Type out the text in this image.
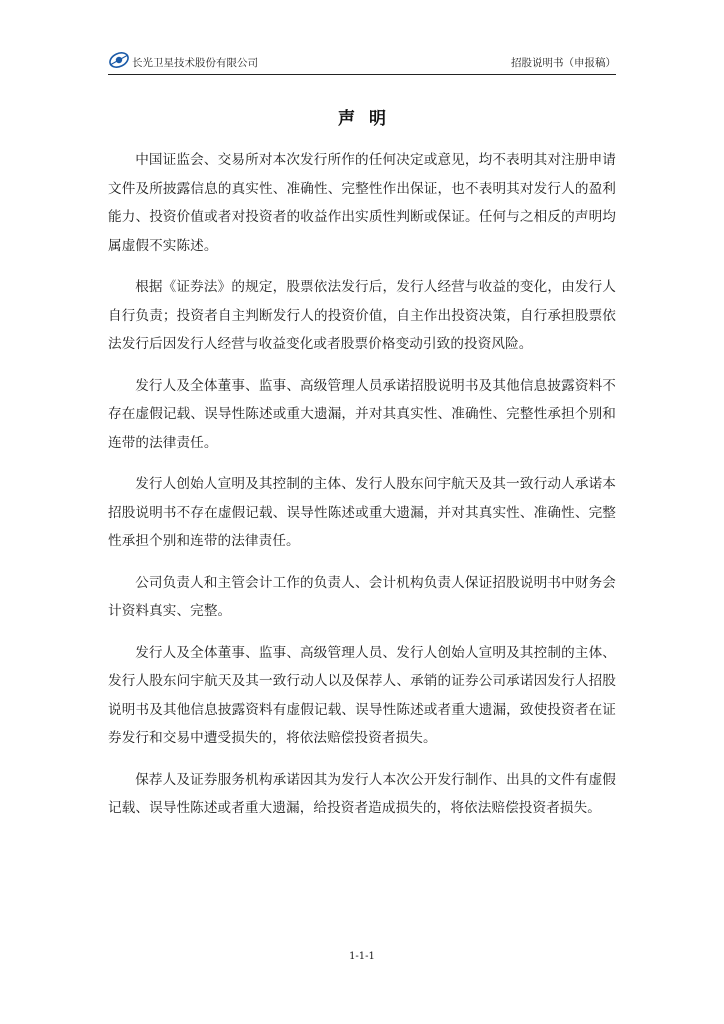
长光卫星技术股份有限公司	招股说明书（申报稿）
声明

中国证监会、交易所对本次发行所作的任何决定或意见，均不表明其对注册申请文件及所披露信息的真实性、准确性、完整性作出保证，也不表明其对发行人的盈利能力、投资价值或者对投资者的收益作出实质性判断或保证。任何与之相反的声明均属虚假不实陈述。

根据《证券法》的规定，股票依法发行后，发行人经营与收益的变化，由发行人自行负责；投资者自主判断发行人的投资价值，自主作出投资决策，自行承担股票依法发行后因发行人经营与收益变化或者股票价格变动引致的投资风险。

发行人及全体董事、监事、高级管理人员承诺招股说明书及其他信息披露资料不存在虚假记载、误导性陈述或重大遗漏，并对其真实性、准确性、完整性承担个别和连带的法律责任。

发行人创始人宣明及其控制的主体、发行人股东问宇航天及其一致行动人承诺本招股说明书不存在虚假记载、误导性陈述或重大遗漏，并对其真实性、准确性、完整性承担个别和连带的法律责任。

公司负责人和主管会计工作的负责人、会计机构负责人保证招股说明书中财务会计资料真实、完整。

发行人及全体董事、监事、高级管理人员、发行人创始人宣明及其控制的主体、发行人股东问宇航天及其一致行动人以及保荐人、承销的证券公司承诺因发行人招股说明书及其他信息披露资料有虚假记载、误导性陈述或者重大遗漏，致使投资者在证券发行和交易中遭受损失的，将依法赔偿投资者损失。

保荐人及证券服务机构承诺因其为发行人本次公开发行制作、出具的文件有虚假记载、误导性陈述或者重大遗漏，给投资者造成损失的，将依法赔偿投资者损失。

1-1-1
